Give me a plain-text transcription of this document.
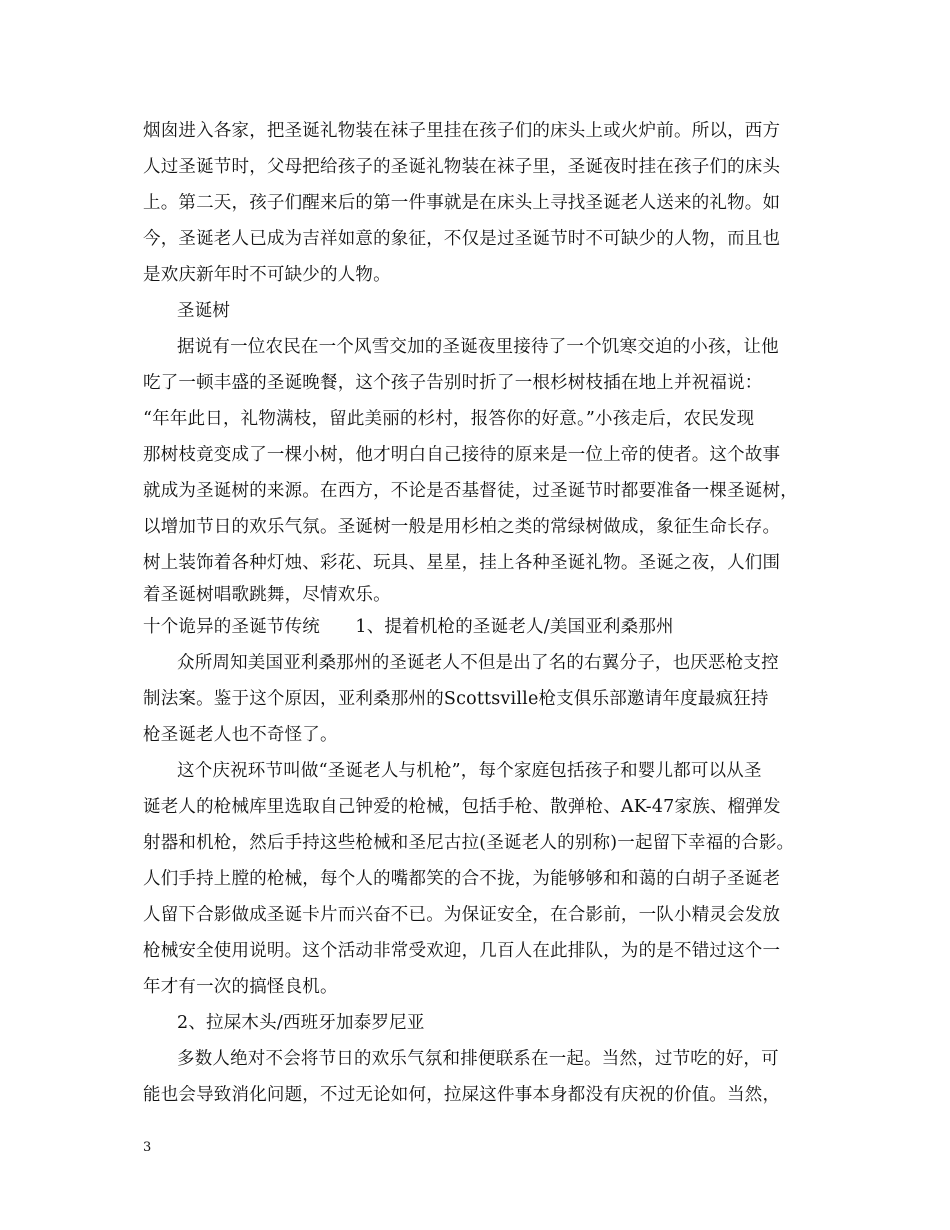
烟囱进入各家，把圣诞礼物装在袜子里挂在孩子们的床头上或火炉前。所以，西方
人过圣诞节时，父母把给孩子的圣诞礼物装在袜子里，圣诞夜时挂在孩子们的床头
上。第二天，孩子们醒来后的第一件事就是在床头上寻找圣诞老人送来的礼物。如
今，圣诞老人已成为吉祥如意的象征，不仅是过圣诞节时不可缺少的人物，而且也
是欢庆新年时不可缺少的人物。
圣诞树
据说有一位农民在一个风雪交加的圣诞夜里接待了一个饥寒交迫的小孩，让他
吃了一顿丰盛的圣诞晚餐，这个孩子告别时折了一根杉树枝插在地上并祝福说：
“年年此日，礼物满枝，留此美丽的杉村，报答你的好意。”小孩走后，农民发现
那树枝竟变成了一棵小树，他才明白自己接待的原来是一位上帝的使者。这个故事
就成为圣诞树的来源。在西方，不论是否基督徒，过圣诞节时都要准备一棵圣诞树，
以增加节日的欢乐气氛。圣诞树一般是用杉柏之类的常绿树做成，象征生命长存。
树上装饰着各种灯烛、彩花、玩具、星星，挂上各种圣诞礼物。圣诞之夜，人们围
着圣诞树唱歌跳舞，尽情欢乐。
十个诡异的圣诞节传统　　1、提着机枪的圣诞老人/美国亚利桑那州
众所周知美国亚利桑那州的圣诞老人不但是出了名的右翼分子，也厌恶枪支控
制法案。鉴于这个原因，亚利桑那州的Scottsville枪支俱乐部邀请年度最疯狂持
枪圣诞老人也不奇怪了。
这个庆祝环节叫做“圣诞老人与机枪”，每个家庭包括孩子和婴儿都可以从圣
诞老人的枪械库里选取自己钟爱的枪械，包括手枪、散弹枪、AK-47家族、榴弹发
射器和机枪，然后手持这些枪械和圣尼古拉(圣诞老人的别称)一起留下幸福的合影。
人们手持上膛的枪械，每个人的嘴都笑的合不拢，为能够够和和蔼的白胡子圣诞老
人留下合影做成圣诞卡片而兴奋不已。为保证安全，在合影前，一队小精灵会发放
枪械安全使用说明。这个活动非常受欢迎，几百人在此排队，为的是不错过这个一
年才有一次的搞怪良机。
2、拉屎木头/西班牙加泰罗尼亚
多数人绝对不会将节日的欢乐气氛和排便联系在一起。当然，过节吃的好，可
能也会导致消化问题，不过无论如何，拉屎这件事本身都没有庆祝的价值。当然，
3
